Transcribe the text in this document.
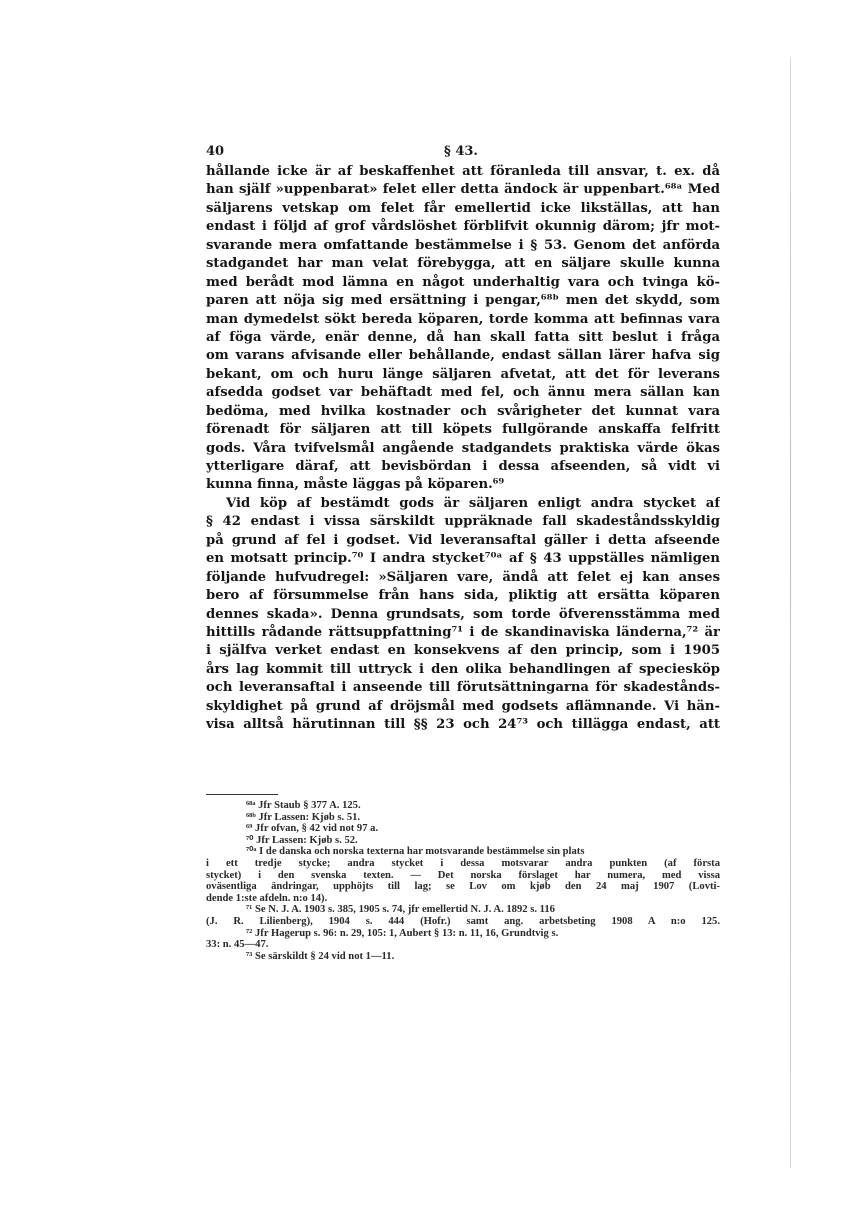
40	§ 43.
hållande icke är af beskaffenhet att föranleda till ansvar, t. ex. då
han själf »uppenbarat» felet eller detta ändock är uppenbart.⁶⁸ᵃ Med
säljarens vetskap om felet får emellertid icke likställas, att han
endast i följd af grof vårdslöshet förblifvit okunnig därom; jfr mot-
svarande mera omfattande bestämmelse i § 53. Genom det anförda
stadgandet har man velat förebygga, att en säljare skulle kunna
med berådt mod lämna en något underhaltig vara och tvinga kö-
paren att nöja sig med ersättning i pengar,⁶⁸ᵇ men det skydd, som
man dymedelst sökt bereda köparen, torde komma att befinnas vara
af föga värde, enär denne, då han skall fatta sitt beslut i fråga
om varans afvisande eller behållande, endast sällan lärer hafva sig
bekant, om och huru länge säljaren afvetat, att det för leverans
afsedda godset var behäftadt med fel, och ännu mera sällan kan
bedöma, med hvilka kostnader och svårigheter det kunnat vara
förenadt för säljaren att till köpets fullgörande anskaffa felfritt
gods. Våra tvifvelsmål angående stadgandets praktiska värde ökas
ytterligare däraf, att bevisbördan i dessa afseenden, så vidt vi
kunna finna, måste läggas på köparen.⁶⁹
Vid köp af bestämdt gods är säljaren enligt andra stycket af
§ 42 endast i vissa särskildt uppräknade fall skadeståndsskyldig
på grund af fel i godset. Vid leveransaftal gäller i detta afseende
en motsatt princip.⁷⁰ I andra stycket⁷⁰ᵃ af § 43 uppställes nämligen
följande hufvudregel: »Säljaren vare, ändå att felet ej kan anses
bero af försummelse från hans sida, pliktig att ersätta köparen
dennes skada». Denna grundsats, som torde öfverensstämma med
hittills rådande rättsuppfattning⁷¹ i de skandinaviska länderna,⁷² är
i själfva verket endast en konsekvens af den princip, som i 1905
års lag kommit till uttryck i den olika behandlingen af speciesköp
och leveransaftal i anseende till förutsättningarna för skadestånds-
skyldighet på grund af dröjsmål med godsets aflämnande. Vi hän-
visa alltså härutinnan till §§ 23 och 24⁷³ och tillägga endast, att
⁶⁸ᵃ Jfr Staub § 377 A. 125.
⁶⁸ᵇ Jfr Lassen: Kjøb s. 51.
⁶⁹ Jfr ofvan, § 42 vid not 97 a.
⁷⁰ Jfr Lassen: Kjøb s. 52.
⁷⁰ᵃ I de danska och norska texterna har motsvarande bestämmelse sin plats
i ett tredje stycke; andra stycket i dessa motsvarar andra punkten (af första
stycket) i den svenska texten. — Det norska förslaget har numera, med vissa
oväsentliga ändringar, upphöjts till lag; se Lov om kjøb den 24 maj 1907 (Lovti-
dende 1:ste afdeln. n:o 14).
⁷¹ Se N. J. A. 1903 s. 385, 1905 s. 74, jfr emellertid N. J. A. 1892 s. 116
(J. R. Lilienberg), 1904 s. 444 (Hofr.) samt ang. arbetsbeting 1908 A n:o 125.
⁷² Jfr Hagerup s. 96: n. 29, 105: 1, Aubert § 13: n. 11, 16, Grundtvig s.
33: n. 45—47.
⁷³ Se särskildt § 24 vid not 1—11.
